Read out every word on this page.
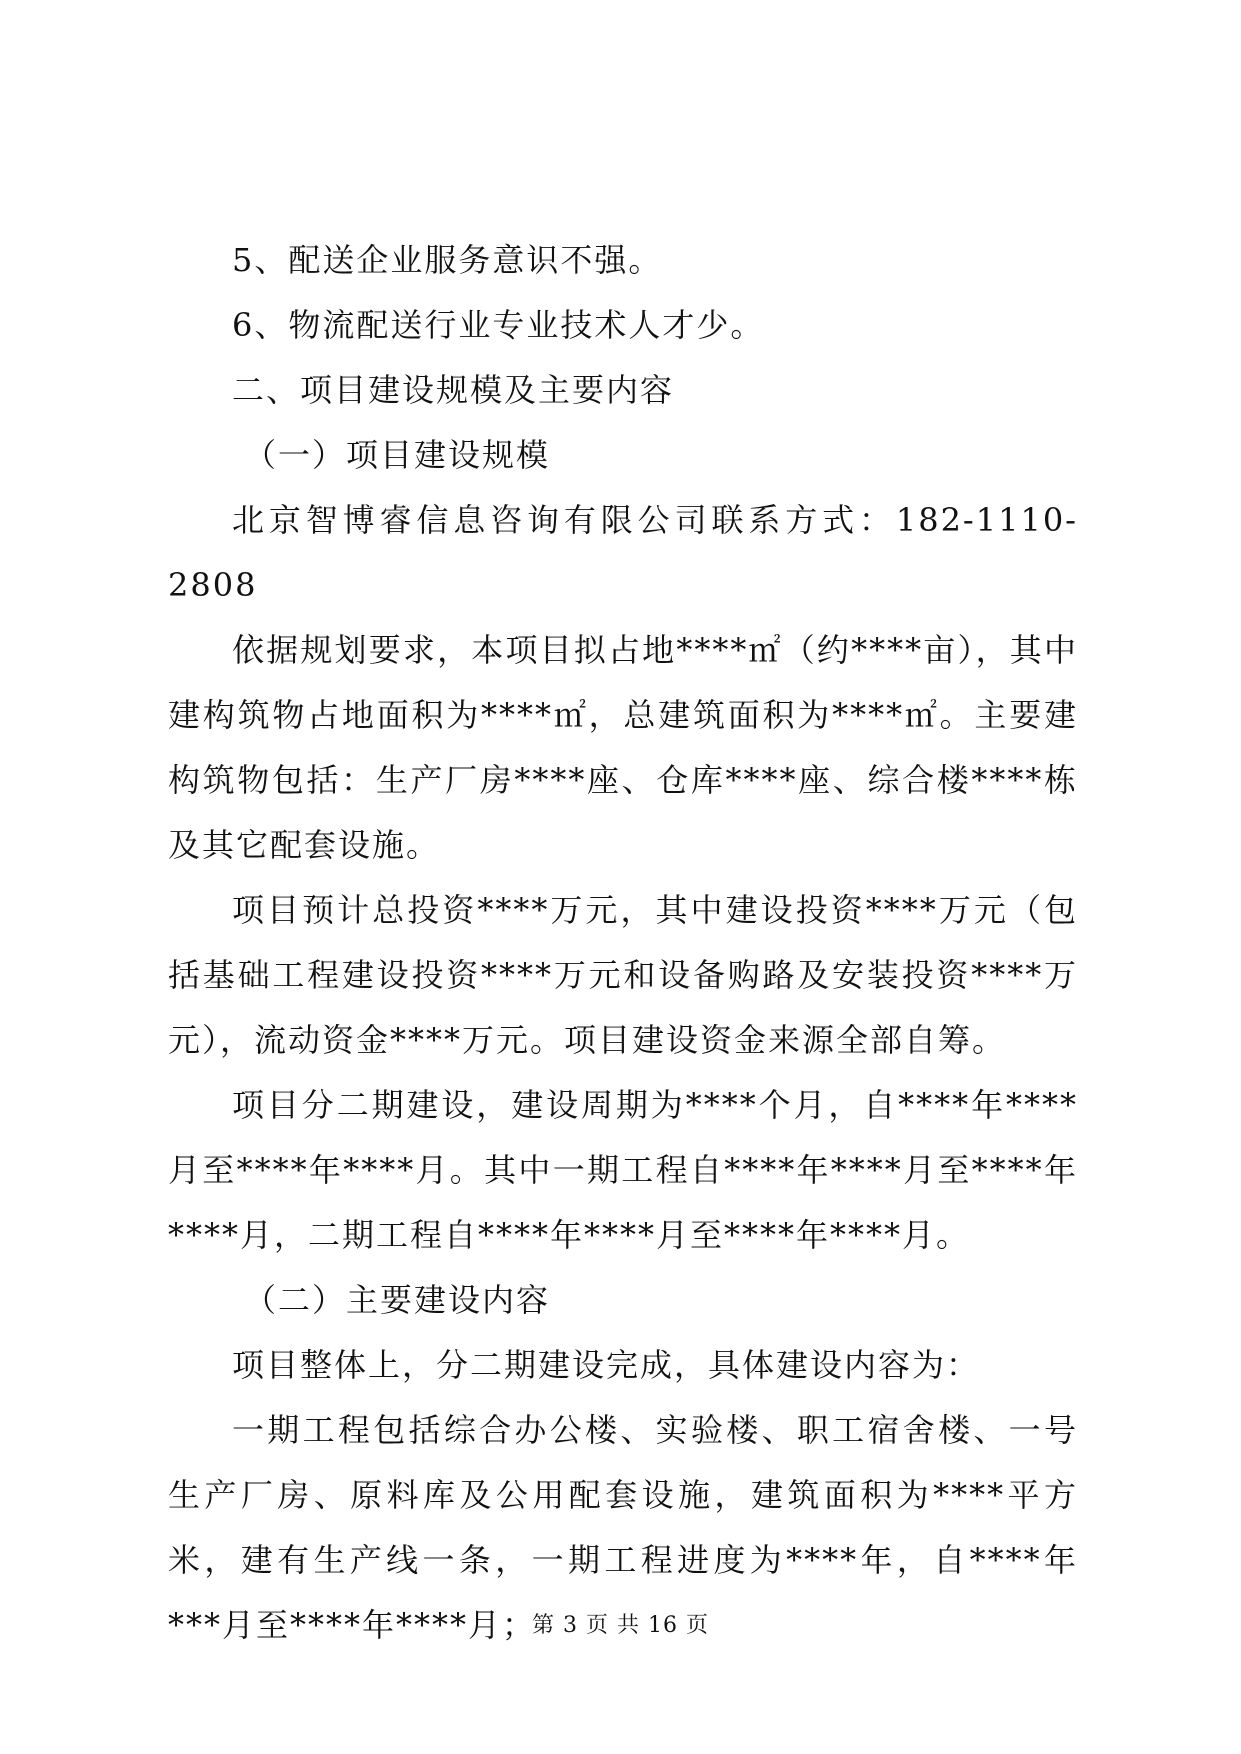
5、配送企业服务意识不强。

6、物流配送行业专业技术人才少。

二、项目建设规模及主要内容

（一）项目建设规模

北京智博睿信息咨询有限公司联系方式：182-1110-2808

依据规划要求，本项目拟占地****㎡（约****亩），其中建构筑物占地面积为****㎡，总建筑面积为****㎡。主要建构筑物包括：生产厂房****座、仓库****座、综合楼****栋及其它配套设施。

项目预计总投资****万元，其中建设投资****万元（包括基础工程建设投资****万元和设备购路及安装投资****万元），流动资金****万元。项目建设资金来源全部自筹。

项目分二期建设，建设周期为****个月，自****年****月至****年****月。其中一期工程自****年****月至****年****月，二期工程自****年****月至****年****月。

（二）主要建设内容

项目整体上，分二期建设完成，具体建设内容为：

一期工程包括综合办公楼、实验楼、职工宿舍楼、一号生产厂房、原料库及公用配套设施，建筑面积为****平方米，建有生产线一条，一期工程进度为****年，自****年***月至****年****月；

第 3 页 共 16 页
